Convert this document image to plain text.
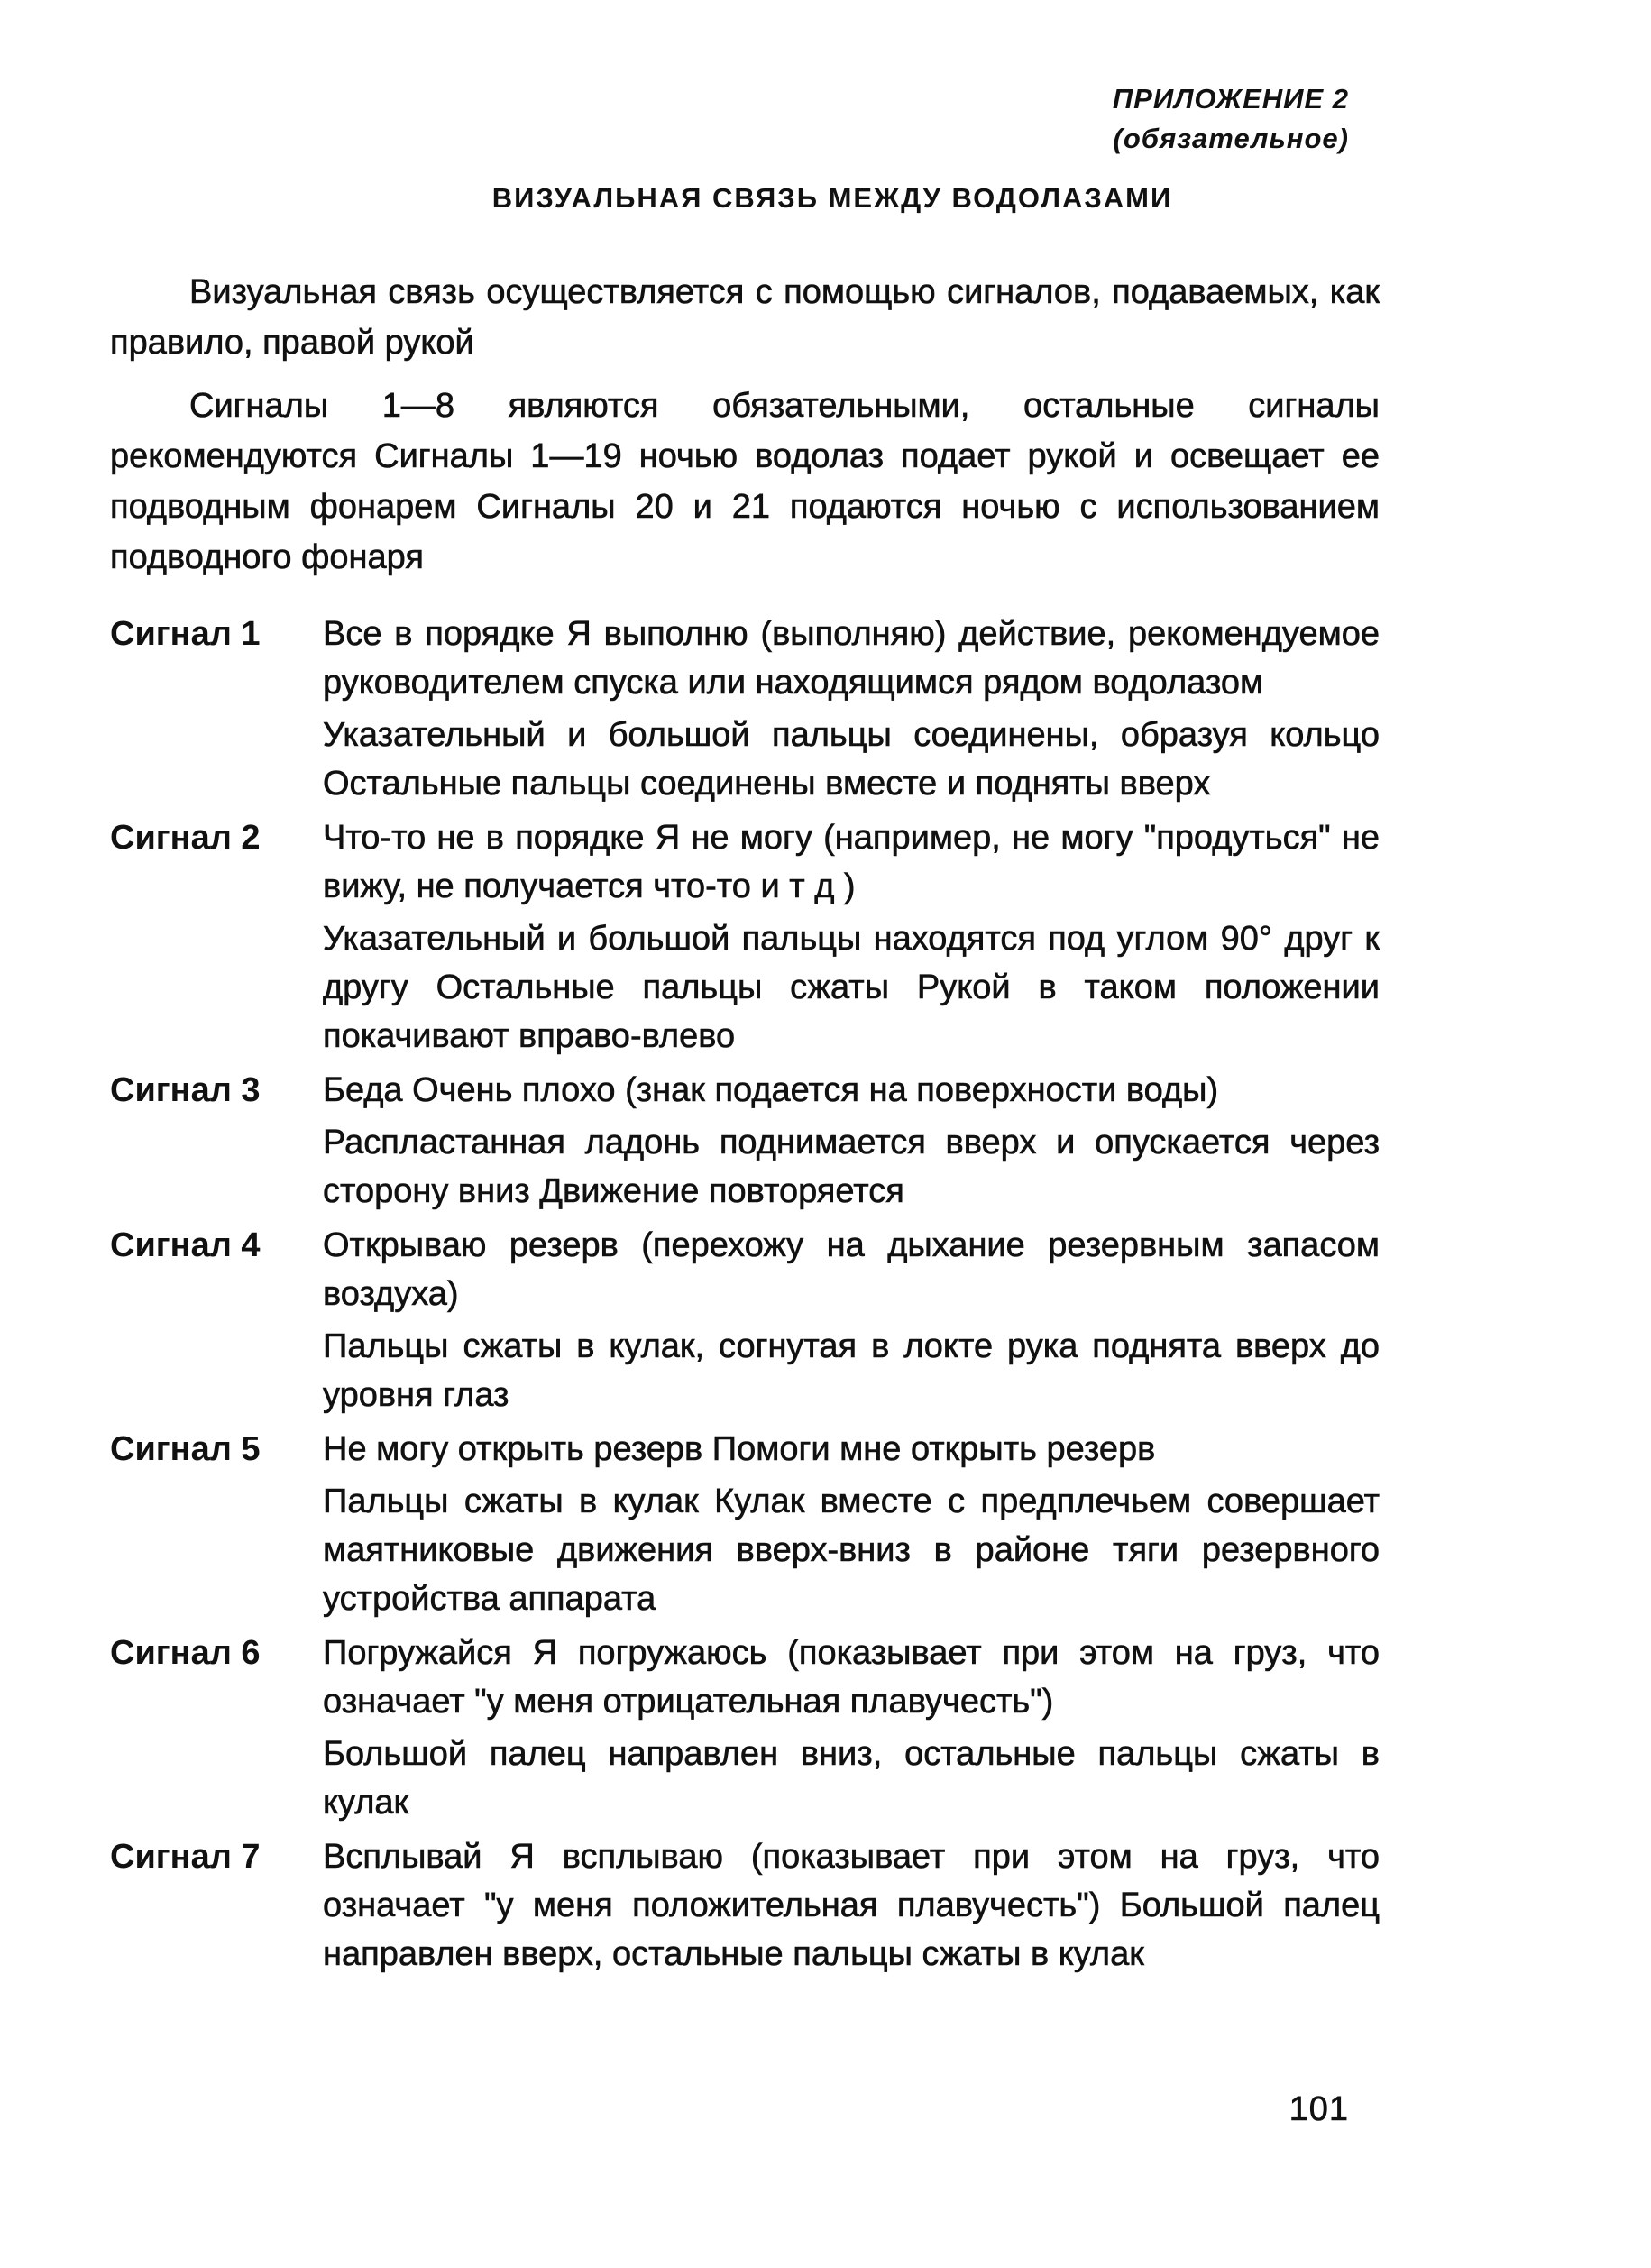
ПРИЛОЖЕНИЕ 2
(обязательное)
ВИЗУАЛЬНАЯ СВЯЗЬ МЕЖДУ ВОДОЛАЗАМИ

Визуальная связь осуществляется с помощью сигналов, подаваемых, как правило, правой рукой

Сигналы 1—8 являются обязательными, остальные сигналы рекомендуются Сигналы 1—19 ночью водолаз подает рукой и освещает ее подводным фонарем Сигналы 20 и 21 подаются ночью с использованием подводного фонаря

Сигнал 1	Все в порядке Я выполню (выполняю) действие, рекомендуемое руководителем спуска или находящимся рядом водолазом

Указательный и большой пальцы соединены, образуя кольцо Остальные пальцы соединены вместе и подняты вверх

Сигнал 2	Что-то не в порядке Я не могу (например, не могу "продуться" не вижу, не получается что-то и т д )

Указательный и большой пальцы находятся под углом 90° друг к другу Остальные пальцы сжаты Рукой в таком положении покачивают вправо-влево

Сигнал 3	Беда Очень плохо (знак подается на поверхности воды)

Распластанная ладонь поднимается вверх и опускается через сторону вниз Движение повторяется

Сигнал 4	Открываю резерв (перехожу на дыхание резервным запасом воздуха)

Пальцы сжаты в кулак, согнутая в локте рука поднята вверх до уровня глаз

Сигнал 5	Не могу открыть резерв Помоги мне открыть резерв

Пальцы сжаты в кулак Кулак вместе с предплечьем совершает маятниковые движения вверх-вниз в районе тяги резервного устройства аппарата

Сигнал 6	Погружайся Я погружаюсь (показывает при этом на груз, что означает "у меня отрицательная плавучесть")

Большой палец направлен вниз, остальные пальцы сжаты в кулак

Сигнал 7	Всплывай Я всплываю (показывает при этом на груз, что означает "у меня положительная плавучесть") Большой палец направлен вверх, остальные пальцы сжаты в кулак

101
